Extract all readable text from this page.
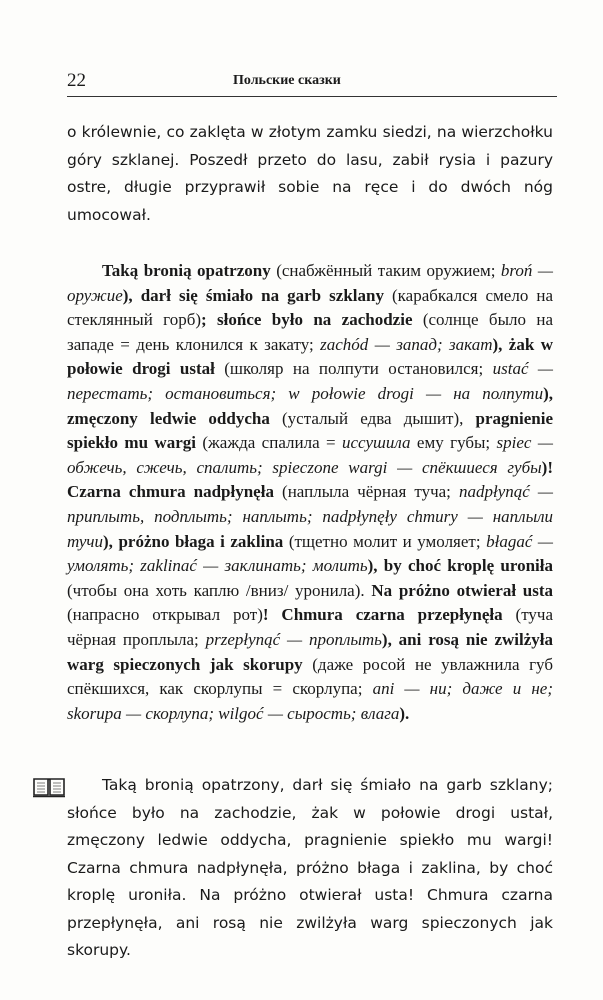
22	Польские сказки

o królewnie, co zaklęta w złotym zamku siedzi, na wierzchołku góry szklanej. Poszedł przeto do lasu, zabił rysia i pazury ostre, długie przyprawił sobie na ręce i do dwóch nóg umocował.

Taką bronią opatrzony (снабжённый таким оружием; broń — оружие), darł się śmiało na garb szklany (карабкался смело на стеклянный горб); słońce było na zachodzie (солнце было на западе = день клонился к закату; zachód — запад; закат), żak w połowie drogi ustał (школяр на полпути остановился; ustać — перестать; остановиться; w połowie drogi — на полпути), zmęczony ledwie oddycha (усталый едва дышит), pragnienie spiekło mu wargi (жажда спалила = иссушила ему губы; spiec — обжечь, сжечь, спалить; spieczone wargi — спёкшиеся губы)! Czarna chmura nadpłynęła (наплыла чёрная туча; nadpłynąć — приплыть, подплыть; наплыть; nadpłynęły chmury — наплыли тучи), próżno błaga i zaklina (тщетно молит и умоляет; błagać — умолять; zaklinać — заклинать; молить), by choć kroplę uroniła (чтобы она хоть каплю /вниз/ уронила). Na próżno otwierał usta (напрасно открывал рот)! Chmura czarna przepłynęła (туча чёрная проплыла; przepłynąć — проплыть), ani rosą nie zwilżyła warg spieczonych jak skorupy (даже росой не увлажнила губ спёкшихся, как скорлупы = скорлупа; ani — ни; даже и не; skorupa — скорлупа; wilgoć — сырость; влага).

Taką bronią opatrzony, darł się śmiało na garb szklany; słońce było na zachodzie, żak w połowie drogi ustał, zmęczony ledwie oddycha, pragnienie spiekło mu wargi! Czarna chmura nadpłynęła, próżno błaga i zaklina, by choć kroplę uroniła. Na próżno otwierał usta! Chmura czarna przepłynęła, ani rosą nie zwilżyła warg spieczonych jak skorupy.
